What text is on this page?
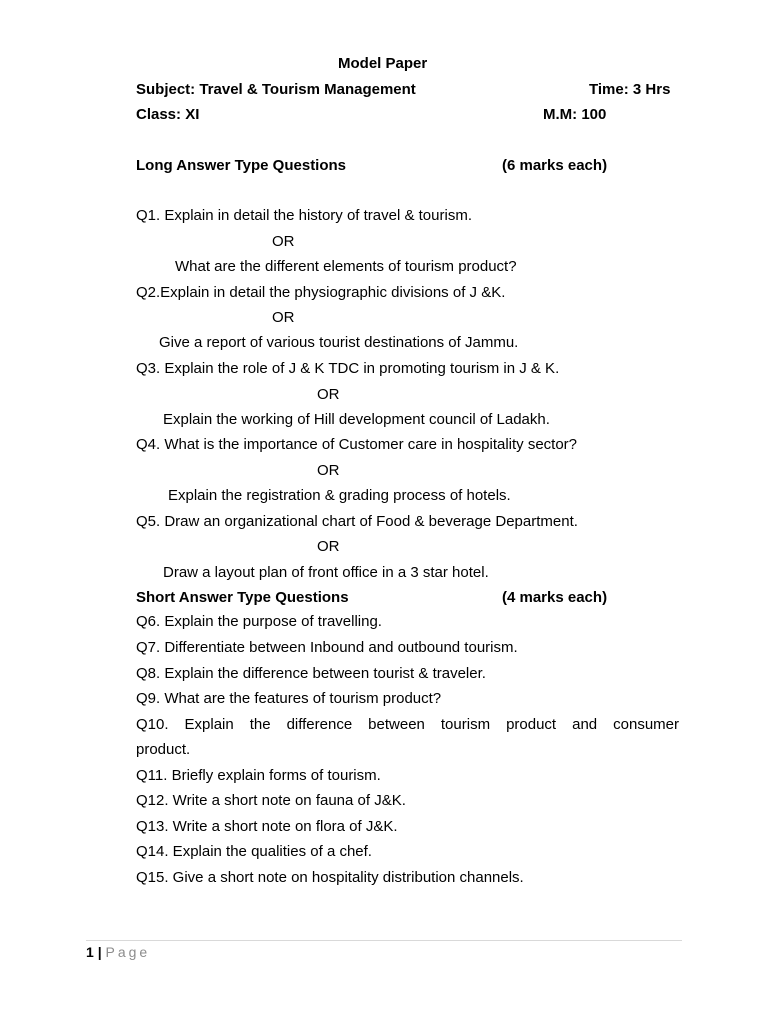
Model Paper
Subject: Travel & Tourism Management	Time: 3 Hrs
Class: XI	M.M: 100
Long Answer Type Questions	(6 marks each)
Q1. Explain in detail the history of travel & tourism.
OR
What are the different elements of tourism product?
Q2.Explain in detail the physiographic divisions of J &K.
OR
Give a report of various tourist destinations of Jammu.
Q3. Explain the role of J & K TDC in promoting tourism in J & K.
OR
Explain the working of Hill development council of Ladakh.
Q4. What is the importance of Customer care in hospitality sector?
OR
Explain the registration & grading process of hotels.
Q5. Draw an organizational chart of Food & beverage Department.
OR
Draw a layout plan of front office in a 3 star hotel.
Short Answer Type Questions	(4 marks each)
Q6. Explain the purpose of travelling.
Q7. Differentiate between Inbound and outbound tourism.
Q8. Explain the difference between tourist & traveler.
Q9. What are the features of tourism product?
Q10. Explain the difference between tourism product and consumer
product.
Q11. Briefly explain forms of tourism.
Q12. Write a short note on fauna of J&K.
Q13. Write a short note on flora of J&K.
Q14. Explain the qualities of a chef.
Q15. Give a short note on hospitality distribution channels.
1 | Page
